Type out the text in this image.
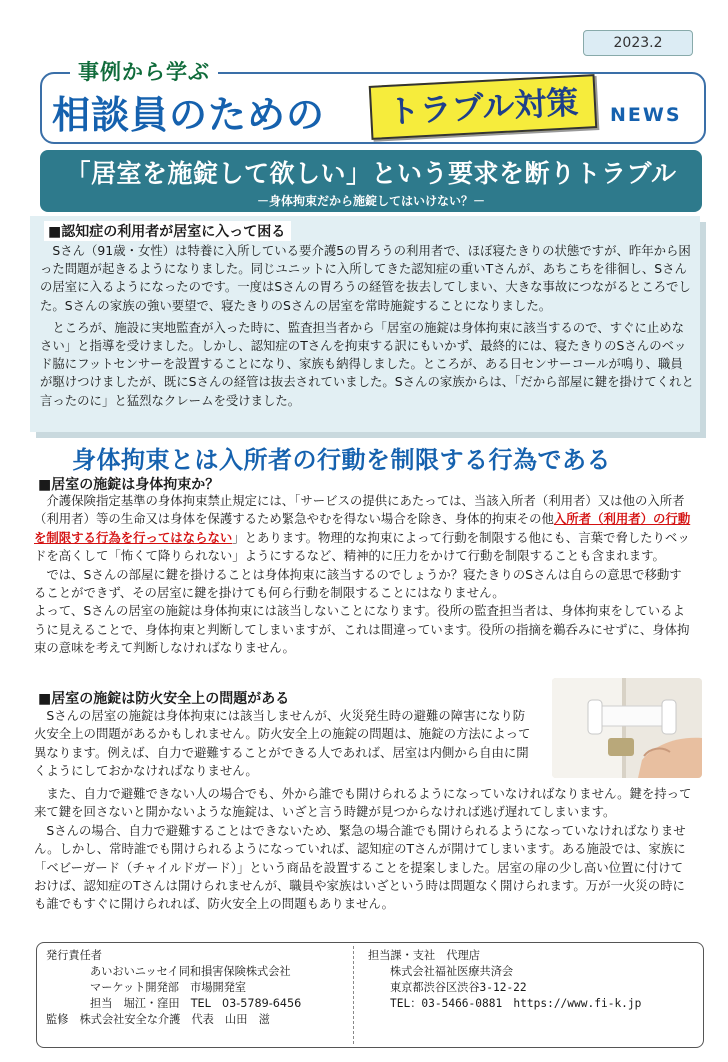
2023.2
事例から学ぶ
相談員のための	トラブル対策	NEWS
「居室を施錠して欲しい」という要求を断りトラブル
－身体拘束だから施錠してはいけない？－
■認知症の利用者が居室に入って困る

Sさん（91歳・女性）は特養に入所している要介護5の胃ろうの利用者で、ほぼ寝たきりの状態ですが、昨年から困った問題が起きるようになりました。同じユニットに入所してきた認知症の重いTさんが、あちこちを徘徊し、Sさんの居室に入るようになったのです。一度はSさんの胃ろうの経管を抜去してしまい、大きな事故につながるところでした。Sさんの家族の強い要望で、寝たきりのSさんの居室を常時施錠することになりました。

ところが、施設に実地監査が入った時に、監査担当者から「居室の施錠は身体拘束に該当するので、すぐに止めなさい」と指導を受けました。しかし、認知症のTさんを拘束する訳にもいかず、最終的には、寝たきりのSさんのベッド脇にフットセンサーを設置することになり、家族も納得しました。ところが、ある日センサーコールが鳴り、職員が駆けつけましたが、既にSさんの経管は抜去されていました。Sさんの家族からは、「だから部屋に鍵を掛けてくれと言ったのに」と猛烈なクレームを受けました。

身体拘束とは入所者の行動を制限する行為である
■居室の施錠は身体拘束か？

介護保険指定基準の身体拘束禁止規定には、「サービスの提供にあたっては、当該入所者（利用者）又は他の入所者（利用者）等の生命又は身体を保護するため緊急やむを得ない場合を除き、身体的拘束その他入所者（利用者）の行動を制限する行為を行ってはならない」とあります。物理的な拘束によって行動を制限する他にも、言葉で脅したりベッドを高くして「怖くて降りられない」ようにするなど、精神的に圧力をかけて行動を制限することも含まれます。

では、Sさんの部屋に鍵を掛けることは身体拘束に該当するのでしょうか？寝たきりのSさんは自らの意思で移動することができず、その居室に鍵を掛けても何ら行動を制限することにはなりません。

よって、Sさんの居室の施錠は身体拘束には該当しないことになります。役所の監査担当者は、身体拘束をしているように見えることで、身体拘束と判断してしまいますが、これは間違っています。役所の指摘を鵜呑みにせずに、身体拘束の意味を考えて判断しなければなりません。

■居室の施錠は防火安全上の問題がある

Sさんの居室の施錠は身体拘束には該当しませんが、火災発生時の避難の障害になり防火安全上の問題があるかもしれません。防火安全上の施錠の問題は、施錠の方法によって異なります。例えば、自力で避難することができる人であれば、居室は内側から自由に開くようにしておかなければなりません。

また、自力で避難できない人の場合でも、外から誰でも開けられるようになっていなければなりません。鍵を持って来て鍵を回さないと開かないような施錠は、いざと言う時鍵が見つからなければ逃げ遅れてしまいます。

Sさんの場合、自力で避難することはできないため、緊急の場合誰でも開けられるようになっていなければなりません。しかし、常時誰でも開けられるようになっていれば、認知症のTさんが開けてしまいます。ある施設では、家族に「ベビーガード（チャイルドガード）」という商品を設置することを提案しました。居室の扉の少し高い位置に付けておけば、認知症のTさんは開けられませんが、職員や家族はいざという時は問題なく開けられます。万が一火災の時にも誰でもすぐに開けられれば、防火安全上の問題もありません。

発行責任者
あいおいニッセイ同和損害保険株式会社
マーケット開発部　市場開発室
担当　堀江・窪田　TEL　03-5789-6456
監修　株式会社安全な介護　代表　山田　滋
担当課・支社　代理店
株式会社福祉医療共済会
東京都渋谷区渋谷3-12-22
TEL：03-5466-0881　https://www.fi-k.jp
